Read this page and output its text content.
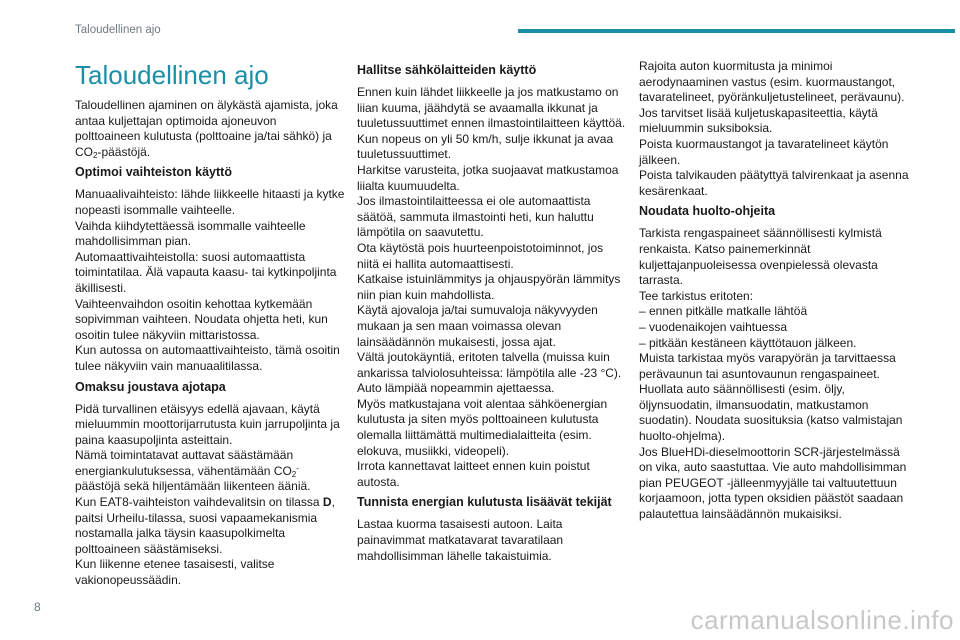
Taloudellinen ajo
Taloudellinen ajo

Taloudellinen ajaminen on älykästä ajamista, joka antaa kuljettajan optimoida ajoneuvon polttoaineen kulutusta (polttoaine ja/tai sähkö) ja $CO_2$-päästöjä.

Optimoi vaihteiston käyttö

Manuaalivaihteisto: lähde liikkeelle hitaasti ja kytke nopeasti isommalle vaihteelle.
Vaihda kiihdytettäessä isommalle vaihteelle mahdollisimman pian.
Automaattivaihteistolla: suosi automaattista toimintatilaa. Älä vapauta kaasu- tai kytkinpoljinta äkillisesti.
Vaihteenvaihdon osoitin kehottaa kytkemään sopivimman vaihteen. Noudata ohjetta heti, kun osoitin tulee näkyviin mittaristossa.
Kun autossa on automaattivaihteisto, tämä osoitin tulee näkyviin vain manuaalitilassa.

Omaksu joustava ajotapa

Pidä turvallinen etäisyys edellä ajavaan, käytä mieluummin moottorijarrutusta kuin jarrupoljinta ja paina kaasupoljinta asteittain.
Nämä toimintatavat auttavat säästämään energiankulutuksessa, vähentämään $CO_2^-$
päästöjä sekä hiljentämään liikenteen ääniä.
Kun EAT8-vaihteiston vaihdevalitsin on tilassa D, paitsi Urheilu-tilassa, suosi vapaamekanismia nostamalla jalka täysin kaasupolkimelta polttoaineen säästämiseksi.
Kun liikenne etenee tasaisesti, valitse vakionopeussäädin.

Hallitse sähkölaitteiden käyttö

Ennen kuin lähdet liikkeelle ja jos matkustamo on liian kuuma, jäähdytä se avaamalla ikkunat ja tuuletussuuttimet ennen ilmastointilaitteen käyttöä.
Kun nopeus on yli 50 km/h, sulje ikkunat ja avaa tuuletussuuttimet.
Harkitse varusteita, jotka suojaavat matkustamoa liialta kuumuudelta.
Jos ilmastointilaitteessa ei ole automaattista säätöä, sammuta ilmastointi heti, kun haluttu lämpötila on saavutettu.
Ota käytöstä pois huurteenpoistotoiminnot, jos niitä ei hallita automaattisesti.
Katkaise istuinlämmitys ja ohjauspyörän lämmitys niin pian kuin mahdollista.
Käytä ajovaloja ja/tai sumuvaloja näkyvyyden mukaan ja sen maan voimassa olevan lainsäädännön mukaisesti, jossa ajat.
Vältä joutokäyntiä, eritoten talvella (muissa kuin ankarissa talviolosuhteissa: lämpötila alle -23 °C). Auto lämpiää nopeammin ajettaessa.
Myös matkustajana voit alentaa sähköenergian kulutusta ja siten myös polttoaineen kulutusta olemalla liittämättä multimedialaitteita (esim. elokuva, musiikki, videopeli).
Irrota kannettavat laitteet ennen kuin poistut autosta.

Tunnista energian kulutusta lisäävät tekijät

Lastaa kuorma tasaisesti autoon. Laita painavimmat matkatavarat tavaratilaan mahdollisimman lähelle takaistuimia.

Rajoita auton kuormitusta ja minimoi aerodynaaminen vastus (esim. kuormaustangot, tavaratelineet, pyöränkuljetustelineet, perävaunu). Jos tarvitset lisää kuljetuskapasiteettia, käytä mieluummin suksiboksia.
Poista kuormaustangot ja tavaratelineet käytön jälkeen.
Poista talvikauden päätyttyä talvirenkaat ja asenna kesärenkaat.

Noudata huolto-ohjeita

Tarkista rengaspaineet säännöllisesti kylmistä renkaista. Katso painemerkinnät kuljettajanpuoleisessa ovenpielessä olevasta tarrasta.
Tee tarkistus eritoten:
– ennen pitkälle matkalle lähtöä
– vuodenaikojen vaihtuessa
– pitkään kestäneen käyttötauon jälkeen.
Muista tarkistaa myös varapyörän ja tarvittaessa perävaunun tai asuntovaunun rengaspaineet.
Huollata auto säännöllisesti (esim. öljy, öljynsuodatin, ilmansuodatin, matkustamon suodatin). Noudata suosituksia (katso valmistajan huolto-ohjelma).
Jos BlueHDi-dieselmoottorin SCR-järjestelmässä on vika, auto saastuttaa. Vie auto mahdollisimman pian PEUGEOT -jälleenmyyjälle tai valtuutettuun korjaamoon, jotta typen oksidien päästöt saadaan palautettua lainsäädännön mukaisiksi.

8	carmanualsonline.info
